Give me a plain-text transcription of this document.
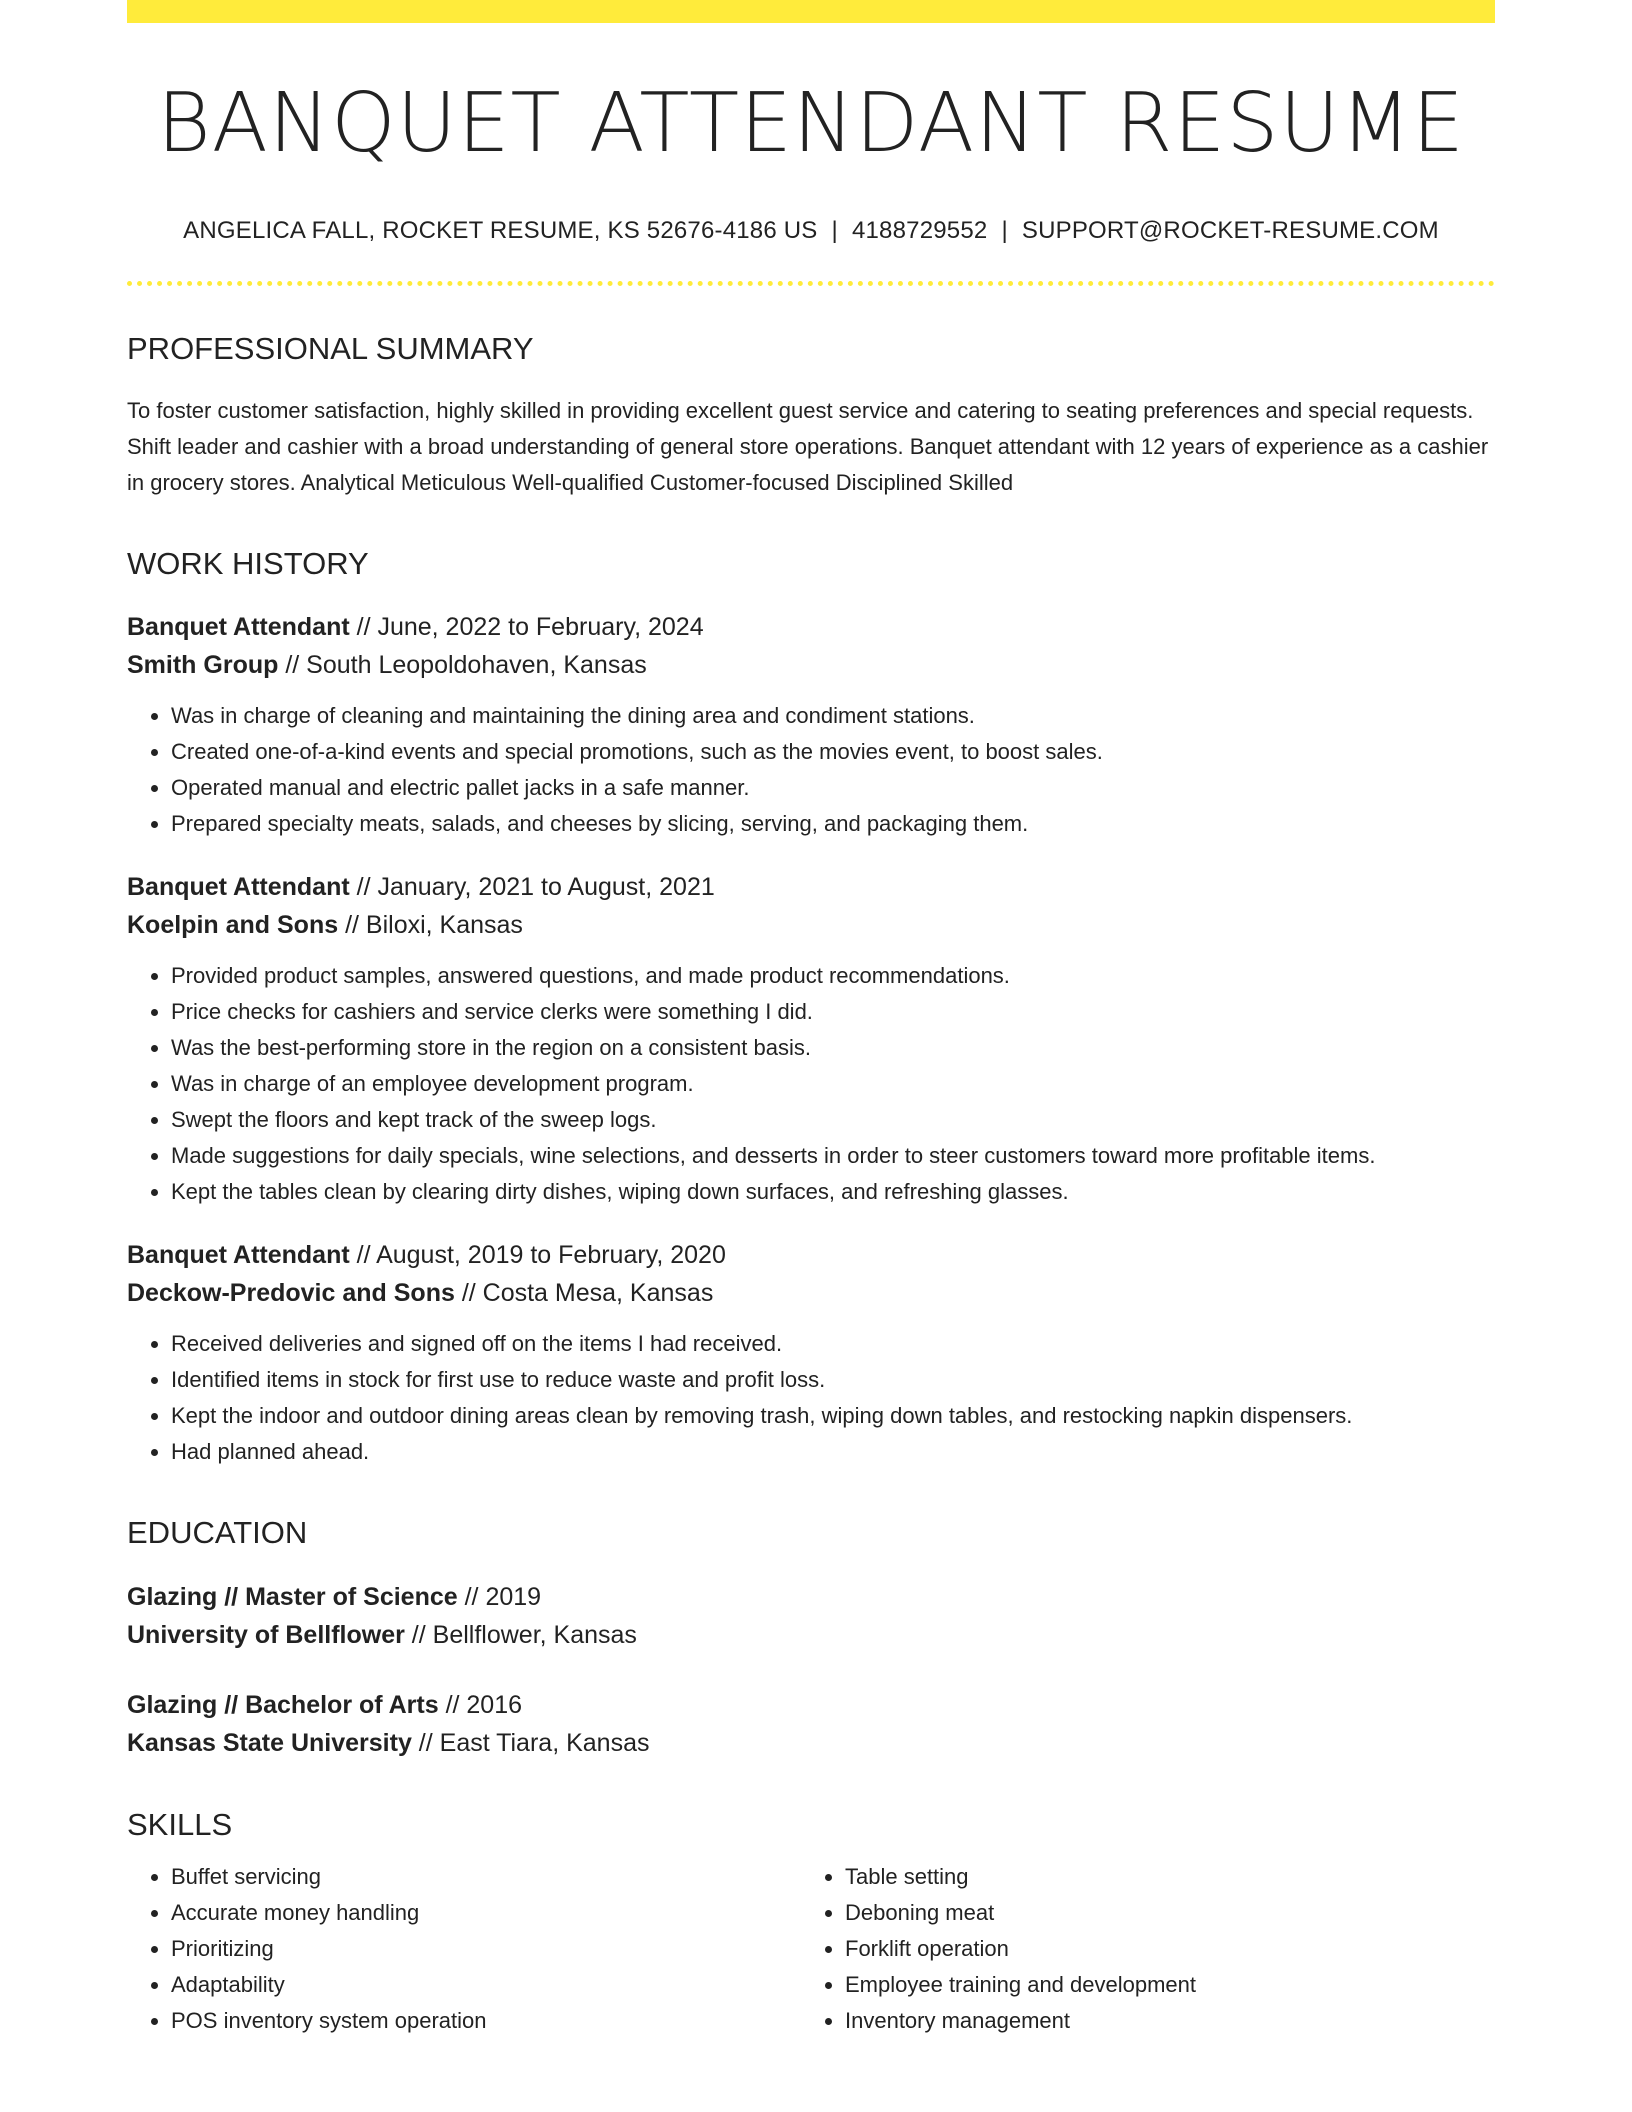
BANQUET ATTENDANT RESUME
ANGELICA FALL, ROCKET RESUME, KS 52676-4186 US | 4188729552 | SUPPORT@ROCKET-RESUME.COM
PROFESSIONAL SUMMARY
To foster customer satisfaction, highly skilled in providing excellent guest service and catering to seating preferences and special requests. Shift leader and cashier with a broad understanding of general store operations. Banquet attendant with 12 years of experience as a cashier in grocery stores. Analytical Meticulous Well-qualified Customer-focused Disciplined Skilled
WORK HISTORY
Banquet Attendant // June, 2022 to February, 2024
Smith Group // South Leopoldohaven, Kansas
• Was in charge of cleaning and maintaining the dining area and condiment stations.
• Created one-of-a-kind events and special promotions, such as the movies event, to boost sales.
• Operated manual and electric pallet jacks in a safe manner.
• Prepared specialty meats, salads, and cheeses by slicing, serving, and packaging them.
Banquet Attendant // January, 2021 to August, 2021
Koelpin and Sons // Biloxi, Kansas
• Provided product samples, answered questions, and made product recommendations.
• Price checks for cashiers and service clerks were something I did.
• Was the best-performing store in the region on a consistent basis.
• Was in charge of an employee development program.
• Swept the floors and kept track of the sweep logs.
• Made suggestions for daily specials, wine selections, and desserts in order to steer customers toward more profitable items.
• Kept the tables clean by clearing dirty dishes, wiping down surfaces, and refreshing glasses.
Banquet Attendant // August, 2019 to February, 2020
Deckow-Predovic and Sons // Costa Mesa, Kansas
• Received deliveries and signed off on the items I had received.
• Identified items in stock for first use to reduce waste and profit loss.
• Kept the indoor and outdoor dining areas clean by removing trash, wiping down tables, and restocking napkin dispensers.
• Had planned ahead.
EDUCATION
Glazing // Master of Science // 2019
University of Bellflower // Bellflower, Kansas
Glazing // Bachelor of Arts // 2016
Kansas State University // East Tiara, Kansas
SKILLS
• Buffet servicing
• Accurate money handling
• Prioritizing
• Adaptability
• POS inventory system operation
• Table setting
• Deboning meat
• Forklift operation
• Employee training and development
• Inventory management
